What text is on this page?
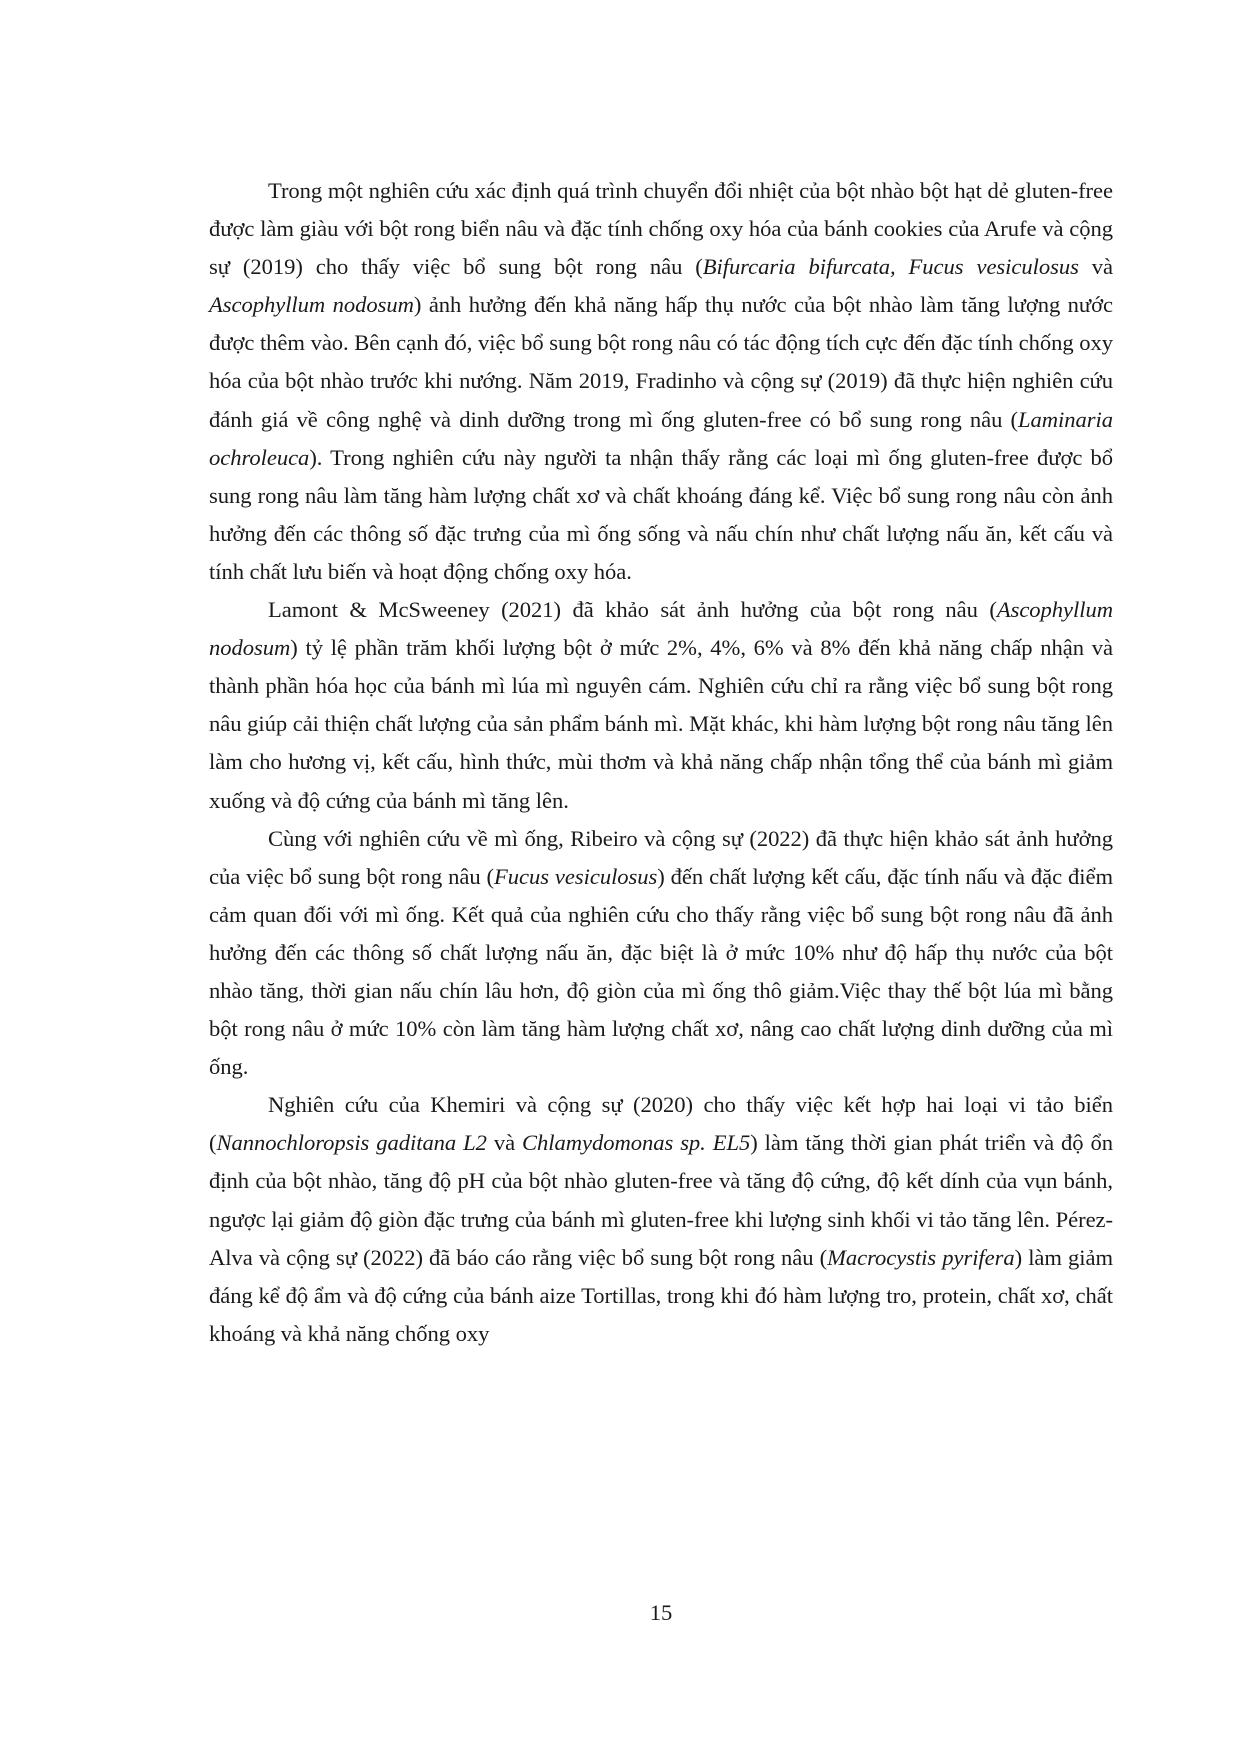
Trong một nghiên cứu xác định quá trình chuyển đổi nhiệt của bột nhào bột hạt dẻ gluten-free được làm giàu với bột rong biển nâu và đặc tính chống oxy hóa của bánh cookies của Arufe và cộng sự (2019) cho thấy việc bổ sung bột rong nâu (Bifurcaria bifurcata, Fucus vesiculosus và Ascophyllum nodosum) ảnh hưởng đến khả năng hấp thụ nước của bột nhào làm tăng lượng nước được thêm vào. Bên cạnh đó, việc bổ sung bột rong nâu có tác động tích cực đến đặc tính chống oxy hóa của bột nhào trước khi nướng. Năm 2019, Fradinho và cộng sự (2019) đã thực hiện nghiên cứu đánh giá về công nghệ và dinh dưỡng trong mì ống gluten-free có bổ sung rong nâu (Laminaria ochroleuca). Trong nghiên cứu này người ta nhận thấy rằng các loại mì ống gluten-free được bổ sung rong nâu làm tăng hàm lượng chất xơ và chất khoáng đáng kể. Việc bổ sung rong nâu còn ảnh hưởng đến các thông số đặc trưng của mì ống sống và nấu chín như chất lượng nấu ăn, kết cấu và tính chất lưu biến và hoạt động chống oxy hóa.

Lamont & McSweeney (2021) đã khảo sát ảnh hưởng của bột rong nâu (Ascophyllum nodosum) tỷ lệ phần trăm khối lượng bột ở mức 2%, 4%, 6% và 8% đến khả năng chấp nhận và thành phần hóa học của bánh mì lúa mì nguyên cám. Nghiên cứu chỉ ra rằng việc bổ sung bột rong nâu giúp cải thiện chất lượng của sản phẩm bánh mì. Mặt khác, khi hàm lượng bột rong nâu tăng lên làm cho hương vị, kết cấu, hình thức, mùi thơm và khả năng chấp nhận tổng thể của bánh mì giảm xuống và độ cứng của bánh mì tăng lên.

Cùng với nghiên cứu về mì ống, Ribeiro và cộng sự (2022) đã thực hiện khảo sát ảnh hưởng của việc bổ sung bột rong nâu (Fucus vesiculosus) đến chất lượng kết cấu, đặc tính nấu và đặc điểm cảm quan đối với mì ống. Kết quả của nghiên cứu cho thấy rằng việc bổ sung bột rong nâu đã ảnh hưởng đến các thông số chất lượng nấu ăn, đặc biệt là ở mức 10% như độ hấp thụ nước của bột nhào tăng, thời gian nấu chín lâu hơn, độ giòn của mì ống thô giảm.Việc thay thế bột lúa mì bằng bột rong nâu ở mức 10% còn làm tăng hàm lượng chất xơ, nâng cao chất lượng dinh dưỡng của mì ống.

Nghiên cứu của Khemiri và cộng sự (2020) cho thấy việc kết hợp hai loại vi tảo biển (Nannochloropsis gaditana L2 và Chlamydomonas sp. EL5) làm tăng thời gian phát triển và độ ổn định của bột nhào, tăng độ pH của bột nhào gluten-free và tăng độ cứng, độ kết dính của vụn bánh, ngược lại giảm độ giòn đặc trưng của bánh mì gluten-free khi lượng sinh khối vi tảo tăng lên. Pérez-Alva và cộng sự (2022) đã báo cáo rằng việc bổ sung bột rong nâu (Macrocystis pyrifera) làm giảm đáng kể độ ẩm và độ cứng của bánh aize Tortillas, trong khi đó hàm lượng tro, protein, chất xơ, chất khoáng và khả năng chống oxy

15
